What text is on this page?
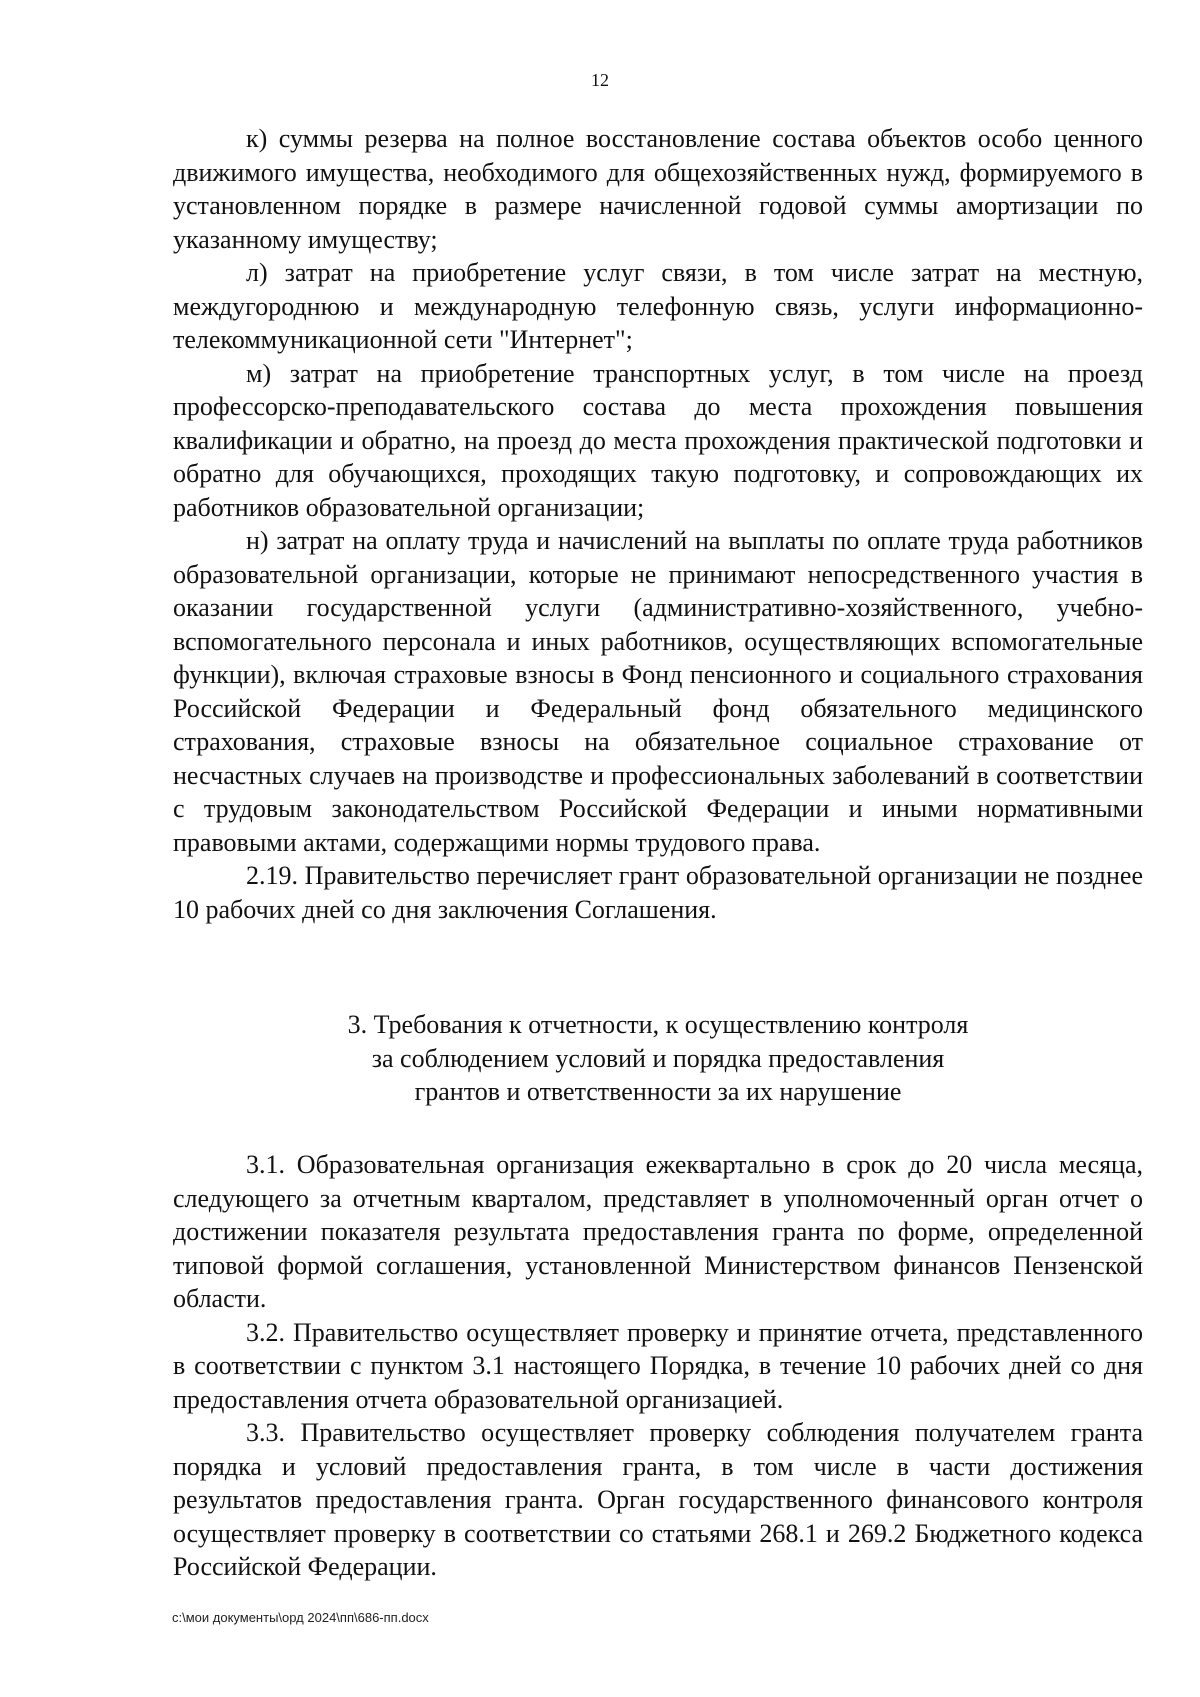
12

к) суммы резерва на полное восстановление состава объектов особо ценного движимого имущества, необходимого для общехозяйственных нужд, формируемого в установленном порядке в размере начисленной годовой суммы амортизации по указанному имуществу;

л) затрат на приобретение услуг связи, в том числе затрат на местную, междугороднюю и международную телефонную связь, услуги информационно-телекоммуникационной сети "Интернет";

м) затрат на приобретение транспортных услуг, в том числе на проезд профессорско-преподавательского состава до места прохождения повышения квалификации и обратно, на проезд до места прохождения практической подготовки и обратно для обучающихся, проходящих такую подготовку, и сопровождающих их работников образовательной организации;

н) затрат на оплату труда и начислений на выплаты по оплате труда работников образовательной организации, которые не принимают непосредственного участия в оказании государственной услуги (административно-хозяйственного, учебно-вспомогательного персонала и иных работников, осуществляющих вспомогательные функции), включая страховые взносы в Фонд пенсионного и социального страхования Российской Федерации и Федеральный фонд обязательного медицинского страхования, страховые взносы на обязательное социальное страхование от несчастных случаев на производстве и профессиональных заболеваний в соответствии с трудовым законодательством Российской Федерации и иными нормативными правовыми актами, содержащими нормы трудового права.

2.19. Правительство перечисляет грант образовательной организации не позднее 10 рабочих дней со дня заключения Соглашения.

3. Требования к отчетности, к осуществлению контроля
за соблюдением условий и порядка предоставления
грантов и ответственности за их нарушение

3.1. Образовательная организация ежеквартально в срок до 20 числа месяца, следующего за отчетным кварталом, представляет в уполномоченный орган отчет о достижении показателя результата предоставления гранта по форме, определенной типовой формой соглашения, установленной Министерством финансов Пензенской области.

3.2. Правительство осуществляет проверку и принятие отчета, представленного в соответствии с пунктом 3.1 настоящего Порядка, в течение 10 рабочих дней со дня предоставления отчета образовательной организацией.

3.3. Правительство осуществляет проверку соблюдения получателем гранта порядка и условий предоставления гранта, в том числе в части достижения результатов предоставления гранта. Орган государственного финансового контроля осуществляет проверку в соответствии со статьями 268.1 и 269.2 Бюджетного кодекса Российской Федерации.

c:\мои документы\орд 2024\пп\686-пп.docx
